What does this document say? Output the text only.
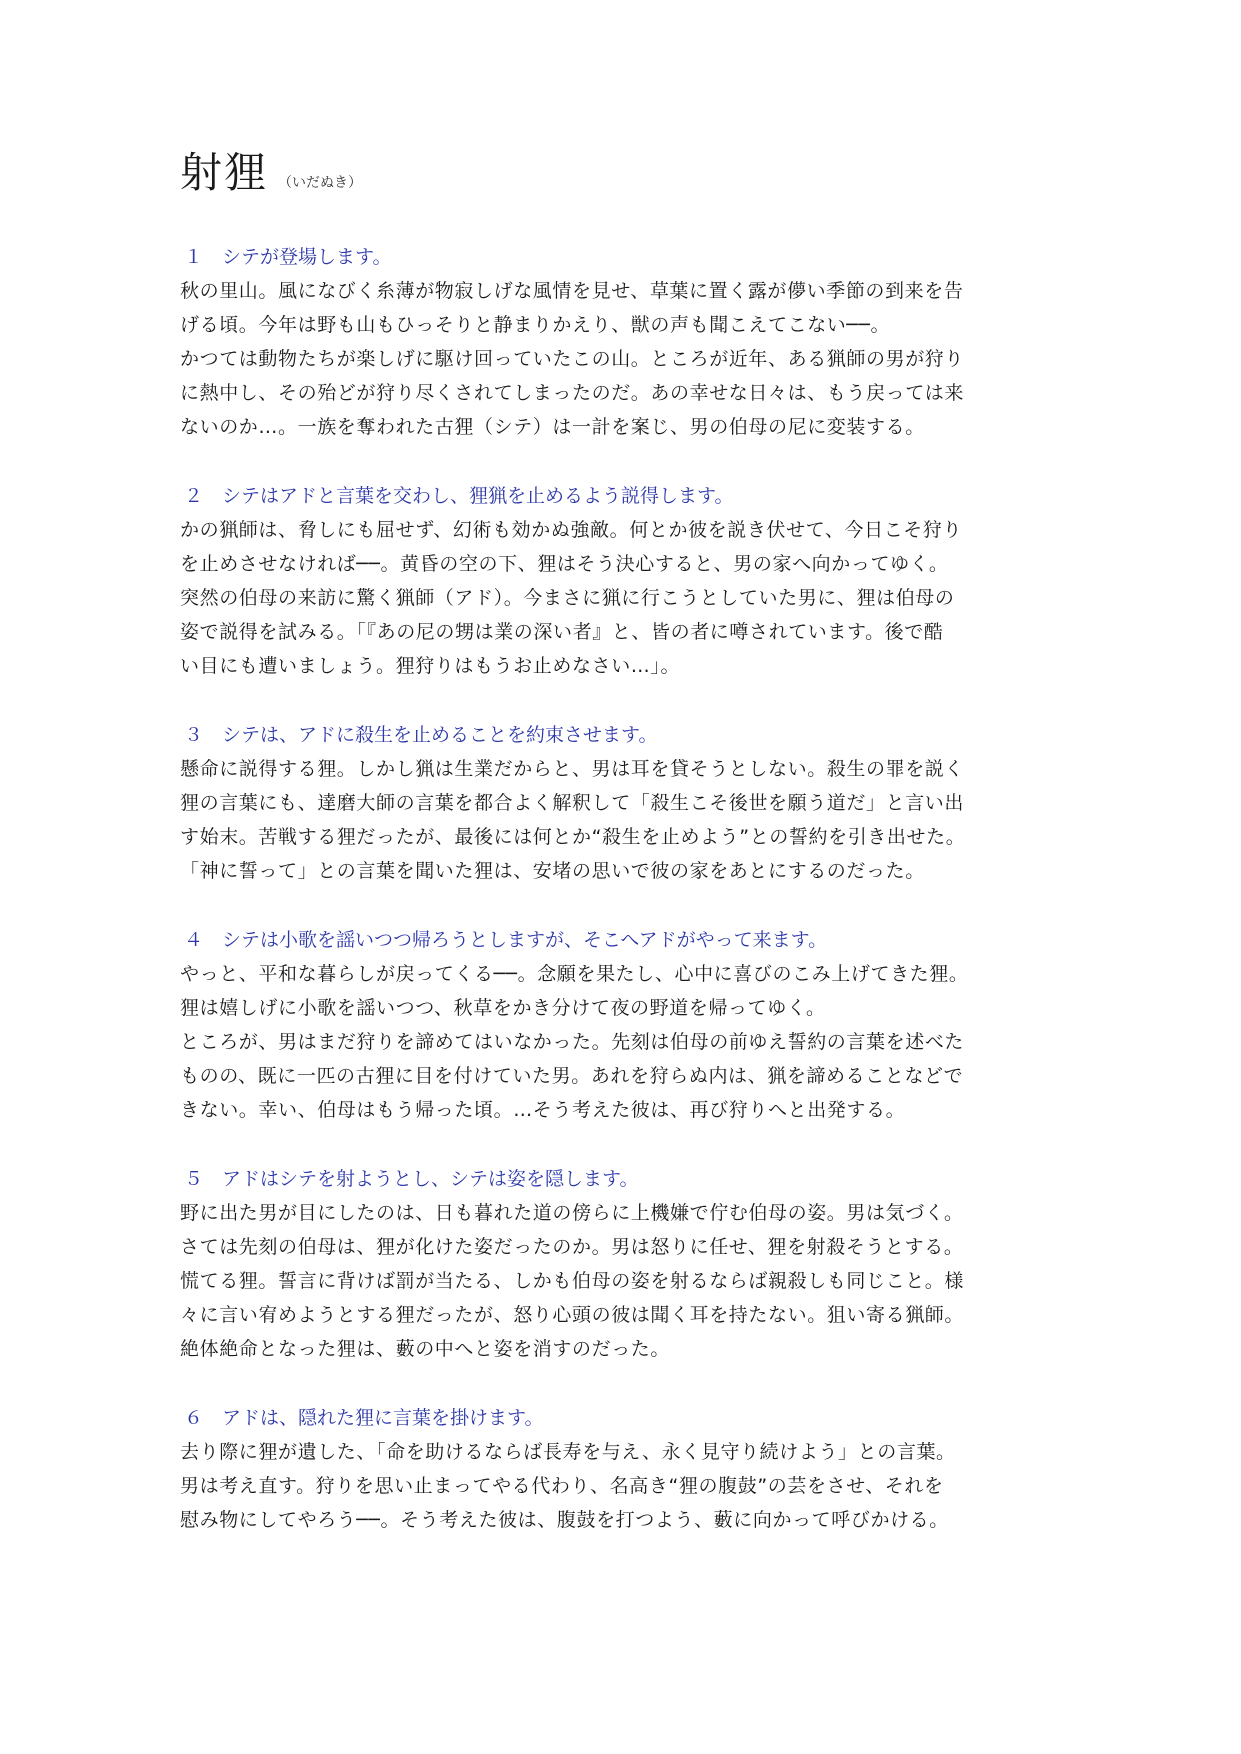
射狸 （いだぬき）

１　シテが登場します。

秋の里山。風になびく糸薄が物寂しげな風情を見せ、草葉に置く露が儚い季節の到来を告

げる頃。今年は野も山もひっそりと静まりかえり、獣の声も聞こえてこない──。

かつては動物たちが楽しげに駆け回っていたこの山。ところが近年、ある猟師の男が狩り

に熱中し、その殆どが狩り尽くされてしまったのだ。あの幸せな日々は、もう戻っては来

ないのか…。一族を奪われた古狸（シテ）は一計を案じ、男の伯母の尼に変装する。

２　シテはアドと言葉を交わし、狸猟を止めるよう説得します。

かの猟師は、脅しにも屈せず、幻術も効かぬ強敵。何とか彼を説き伏せて、今日こそ狩り

を止めさせなければ──。黄昏の空の下、狸はそう決心すると、男の家へ向かってゆく。

突然の伯母の来訪に驚く猟師（アド）。今まさに猟に行こうとしていた男に、狸は伯母の

姿で説得を試みる。「『あの尼の甥は業の深い者』と、皆の者に噂されています。後で酷

い目にも遭いましょう。狸狩りはもうお止めなさい…」。

３　シテは、アドに殺生を止めることを約束させます。

懸命に説得する狸。しかし猟は生業だからと、男は耳を貸そうとしない。殺生の罪を説く

狸の言葉にも、達磨大師の言葉を都合よく解釈して「殺生こそ後世を願う道だ」と言い出

す始末。苦戦する狸だったが、最後には何とか“殺生を止めよう”との誓約を引き出せた。

「神に誓って」との言葉を聞いた狸は、安堵の思いで彼の家をあとにするのだった。

４　シテは小歌を謡いつつ帰ろうとしますが、そこへアドがやって来ます。

やっと、平和な暮らしが戻ってくる──。念願を果たし、心中に喜びのこみ上げてきた狸。

狸は嬉しげに小歌を謡いつつ、秋草をかき分けて夜の野道を帰ってゆく。

ところが、男はまだ狩りを諦めてはいなかった。先刻は伯母の前ゆえ誓約の言葉を述べた

ものの、既に一匹の古狸に目を付けていた男。あれを狩らぬ内は、猟を諦めることなどで

きない。幸い、伯母はもう帰った頃。…そう考えた彼は、再び狩りへと出発する。

５　アドはシテを射ようとし、シテは姿を隠します。

野に出た男が目にしたのは、日も暮れた道の傍らに上機嫌で佇む伯母の姿。男は気づく。

さては先刻の伯母は、狸が化けた姿だったのか。男は怒りに任せ、狸を射殺そうとする。

慌てる狸。誓言に背けば罰が当たる、しかも伯母の姿を射るならば親殺しも同じこと。様

々に言い宥めようとする狸だったが、怒り心頭の彼は聞く耳を持たない。狙い寄る猟師。

絶体絶命となった狸は、藪の中へと姿を消すのだった。

６　アドは、隠れた狸に言葉を掛けます。

去り際に狸が遺した、「命を助けるならば長寿を与え、永く見守り続けよう」との言葉。

男は考え直す。狩りを思い止まってやる代わり、名高き“狸の腹鼓”の芸をさせ、それを

慰み物にしてやろう──。そう考えた彼は、腹鼓を打つよう、藪に向かって呼びかける。
